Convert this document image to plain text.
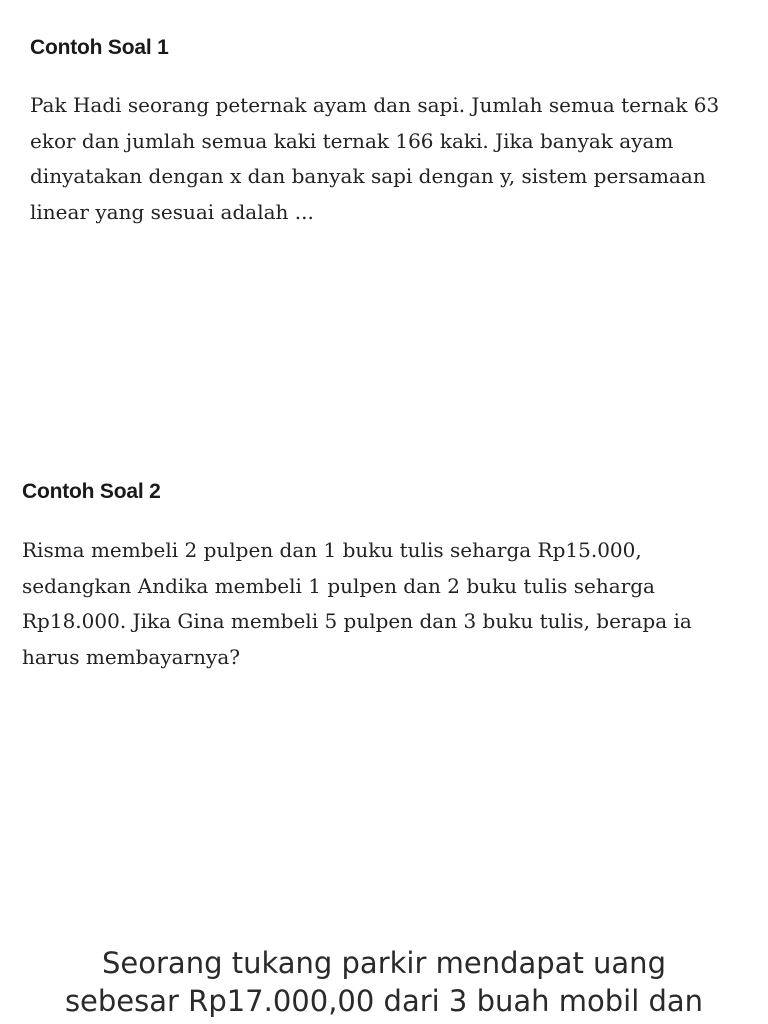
Contoh Soal 1

Pak Hadi seorang peternak ayam dan sapi. Jumlah semua ternak 63 ekor dan jumlah semua kaki ternak 166 kaki. Jika banyak ayam dinyatakan dengan x dan banyak sapi dengan y, sistem persamaan linear yang sesuai adalah ...

Contoh Soal 2

Risma membeli 2 pulpen dan 1 buku tulis seharga Rp15.000, sedangkan Andika membeli 1 pulpen dan 2 buku tulis seharga Rp18.000. Jika Gina membeli 5 pulpen dan 3 buku tulis, berapa ia harus membayarnya?

Seorang tukang parkir mendapat uang
sebesar Rp17.000,00 dari 3 buah mobil dan
